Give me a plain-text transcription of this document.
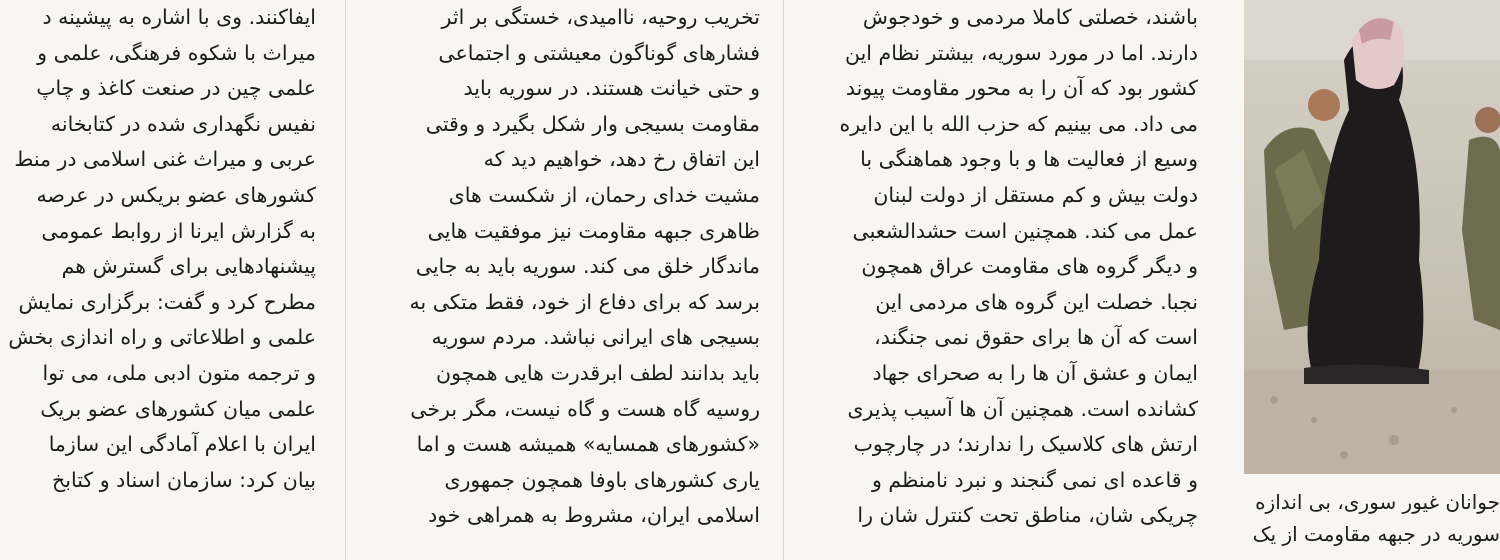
ایفاکنند. وی با اشاره به پیشینه د
میراث با شکوه فرهنگی، علمی و
علمی چین در صنعت کاغذ و چاپ
نفیس نگهداری شده در کتابخانه
عربی و میراث غنی اسلامی در منط
کشورهای عضو بریکس در عرصه
به گزارش ایرنا از روابط عمومی
پیشنهادهایی برای گسترش هم
مطرح کرد و گفت: برگزاری نمایش
علمی و اطلاعاتی و راه اندازی بخش
و ترجمه متون ادبی ملی، می توا
علمی میان کشورهای عضو بریک
ایران با اعلام آمادگی این سازما
بیان کرد: سازمان اسناد و کتابخ
تخریب روحیه، ناامیدی، خستگی بر اثر
فشارهای گوناگون معیشتی و اجتماعی
و حتی خیانت هستند. در سوریه باید
مقاومت بسیجی وار شکل بگیرد و وقتی
این اتفاق رخ دهد، خواهیم دید که
مشیت خدای رحمان، از شکست های
ظاهری جبهه مقاومت نیز موفقیت هایی
ماندگار خلق می کند. سوریه باید به جایی
برسد که برای دفاع از خود، فقط متکی به
بسیجی های ایرانی نباشد. مردم سوریه
باید بدانند لطف ابرقدرت هایی همچون
روسیه گاه هست و گاه نیست، مگر برخی
«کشورهای همسایه» همیشه هست و اما
یاری کشورهای باوفا همچون جمهوری
اسلامی ایران، مشروط به همراهی خود
باشند، خصلتی کاملا مردمی و خودجوش
دارند. اما در مورد سوریه، بیشتر نظام این
کشور بود که آن را به محور مقاومت پیوند
می داد. می بینیم که حزب الله با این دایره
وسیع از فعالیت ها و با وجود هماهنگی با
دولت بیش و کم مستقل از دولت لبنان
عمل می کند. همچنین است حشدالشعبی
و دیگر گروه های مقاومت عراق همچون
نجبا. خصلت این گروه های مردمی این
است که آن ها برای حقوق نمی جنگند،
ایمان و عشق آن ها را به صحرای جهاد
کشانده است. همچنین آن ها آسیب پذیری
ارتش های کلاسیک را ندارند؛ در چارچوب
و قاعده ای نمی گنجند و نبرد نامنظم و
چریکی شان، مناطق تحت کنترل شان را
جوانان غیور سوری، بی اندازه
سوریه در جبهه مقاومت از یک
